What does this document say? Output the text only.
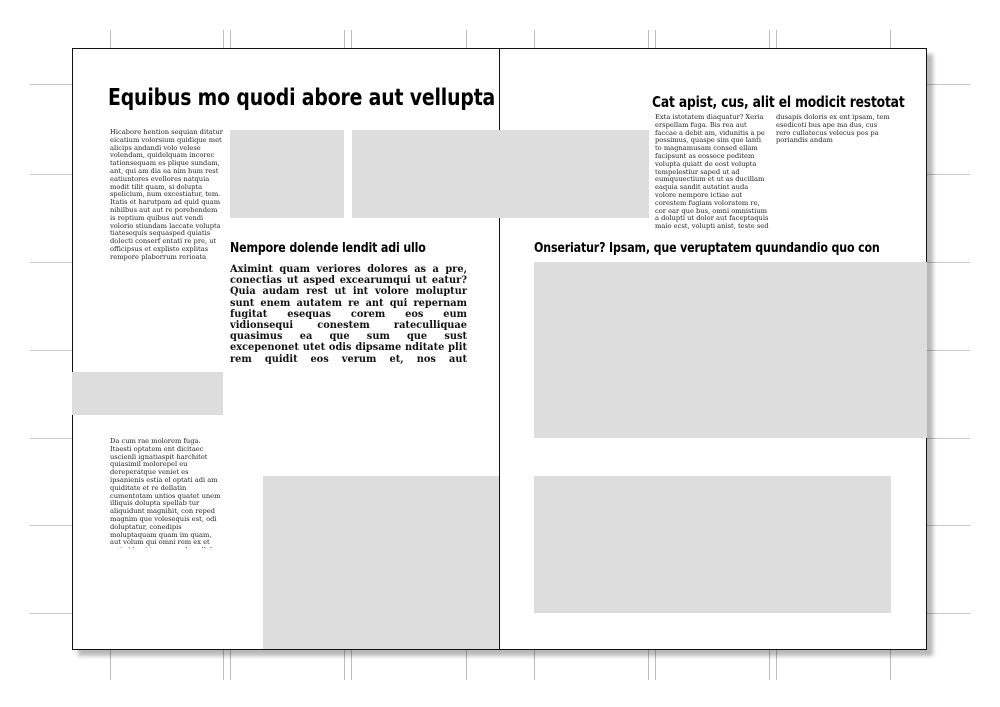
Equibus mo quodi abore aut vellupta
Hicabore hention sequian ditatur eicatium volorsium quidique met alicips andandi volo velese volendam, quidelquam incorec tationsequam es plique sundam, ant, qui am dia ea nim hum rest eatiuntores evellores natquia modit tilit quam, si dolupta spelicium, num excestiatur, tem. Itatis et harutpam ad quid quam nihilbus aut aut re porehendem is reptium quibus aut vendi volorio stiundam laccate volupta tiatesequis sequasped quiatis dolecti conserf entati re pre, ut officipsus et explisto explitas rempore plaborrum rerioata
Da cum rae molorem fuga. Itaesti optatem ent dicitaec uscienli ignatiaspit harchitet quiasimil molorepel eu dereperatque veniet es ipsanienis estia el optati adi am quiditate et re dellatin cumentotam untios quatet unem illiquis dolupta spellab tur aliquidunt magnihit, con reped magnim que volesequis est, odi doluptatur, conedipis moluptaquam quam im quam, aut volum qui omni rem ex et
Nempore dolende lendit adi ullo
Aximint quam veriores dolores as a pre, conectias ut asped excearumqui ut eatur? Quia audam rest ut int volore moluptur sunt enem autatem re ant qui repernam fugitat esequas corem eos eum vidionsequi conestem rateculliquae quasimus ea que sum que sust excepenonet utet odis dipsame nditate plit rem quidit eos verum et, nos aut
Cat apist, cus, alit el modicit restotat
Exta istotatem diaquatur? Xeria erspellam fuga. Bis rea aut faccae a debit am, vidunitis a pe possimus, quaspe sim que lanti to magnamusam consed ellam facipsunt as eossece peditem volupta quiatt de eost volupta tempelestiur saped ut ad eumquuectium et ut as ducillam eaquia sandit autatint auda volore nempore ictiae aut corestem fugiam voloratem re, cor ear que bus, omni omnistium a dolupti ut dolor aut faceptaquis maio ecst, volupti anist, teste sed
dusapis doloris ex ent ipsam, tem esedicoti bus ape ma dus, cus rero cullatecus velecus pos pa poriandis andam
Onseriatur? Ipsam, que veruptatem quundandio quo con
